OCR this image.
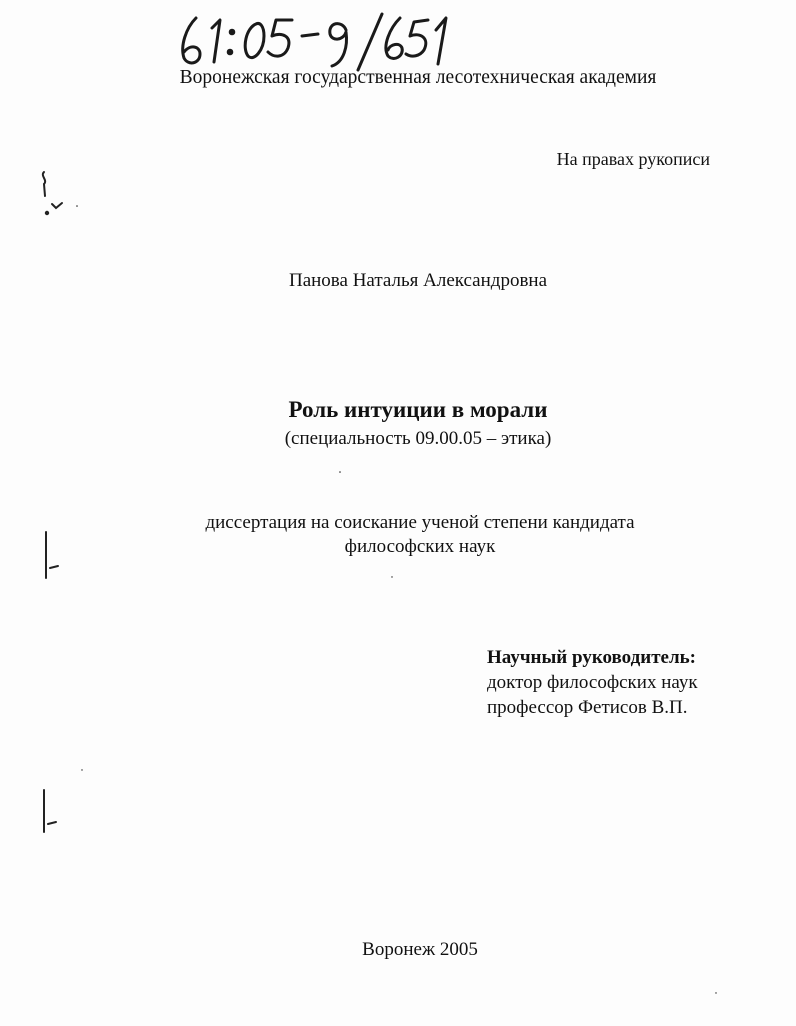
Воронежская государственная лесотехническая академия
На правах рукописи
Панова Наталья Александровна
Роль интуиции в морали
(специальность 09.00.05 – этика)
диссертация на соискание ученой степени кандидата
философских наук
Научный руководитель:
доктор философских наук
профессор Фетисов В.П.
Воронеж 2005
